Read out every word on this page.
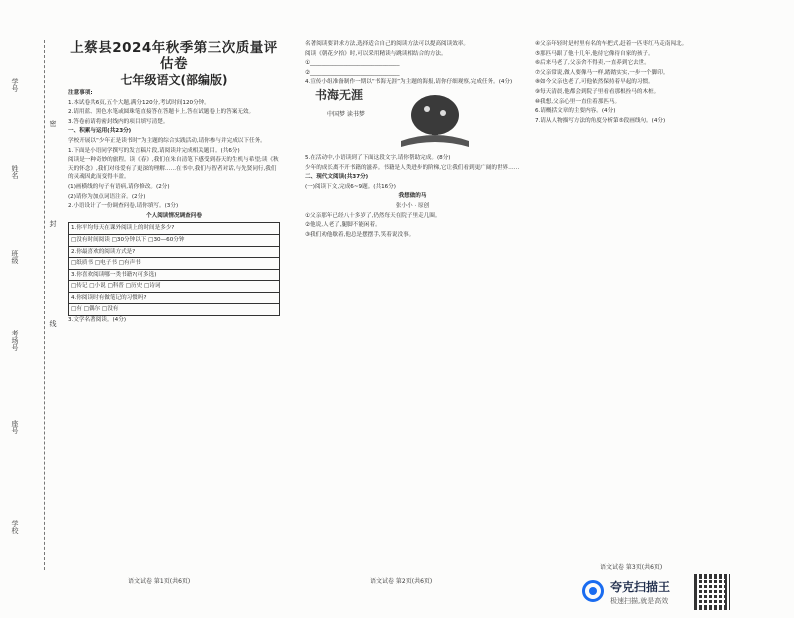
学号
姓名
班级
考场号
座号
学校
密
封
线

上蔡县2024年秋季第三次质量评估卷

七年级语文(部编版)

注意事项:

1.本试卷共6页,五个大题,满分120分,考试时间120分钟。

2.请用蓝、黑色水笔或圆珠笔直接答在答题卡上,答在试题卷上的答案无效。

3.答卷前请将密封线内的项目填写清楚。

一、积累与运用(共23分)

学校开展以“少年正是读书时”为主题的综合实践活动,请你参与并完成以下任务。

1.下面是小语同学撰写的发言稿片段,请阅读并完成相关题目。(共6分)

阅读是一种奇妙的旅程。读《春》,我们在朱自清笔下感受到春天的生机与希望;读《秋天的怀念》,我们对母爱有了更深的理解……在书中,我们与智者对话,与先贤同行,我们的灵魂因此而变得丰盈。

(1)画横线的句子有语病,请你修改。(2分)

(2)请你为加点词语注音。(2分)

2.小语设计了一份调查问卷,请你填写。(3分)

个人阅读情况调查问卷

1.你平均每天在课外阅读上的时间是多少?
□没有时间阅读 □30分钟以下 □30—60分钟
2.你最喜欢的阅读方式是?
□纸质书 □电子书 □有声书
3.你喜欢阅读哪一类书籍?(可多选)
□传记 □小说 □科普 □历史 □诗词
4.你阅读时有做笔记的习惯吗?
□有 □偶尔 □没有

3.文学名著阅读。(4分)

名著阅读要讲求方法,选择适合自己的阅读方法可以提高阅读效率。

阅读《朝花夕拾》时,可以采用精读与跳读相结合的方法。

①________________________________

②________________________________

4.宣传小组准备制作一期以“书海无涯”为主题的海报,请你仔细观察,完成任务。(4分)

书海无涯
中国梦 读书梦

5.在活动中,小语读到了下面这段文字,请你帮助完成。(8分)

少年的成长离不开书籍的滋养。书籍是人类进步的阶梯,它让我们看到更广阔的世界……

二、现代文阅读(共37分)

(一)阅读下文,完成6~9题。(共16分)

我想做的马

张小小 · 原创

①父亲那年已经八十多岁了,仍然每天在院子里走几圈。

②他说,人老了,腿脚不能闲着。

③我们劝他歇着,他总是摆摆手,笑着说没事。

④父亲年轻时是村里有名的车把式,赶着一匹枣红马走南闯北。

⑤那匹马跟了他十几年,他待它像待自家的孩子。

⑥后来马老了,父亲舍不得卖,一直养到它去世。

⑦父亲常说,做人要像马一样,踏踏实实,一步一个脚印。

⑧如今父亲也老了,可他依然保持着早起的习惯。

⑨每天清晨,他都会到院子里看看那根拴马的木桩。

⑩我想,父亲心里一直住着那匹马。

6.请概括文章的主要内容。(4分)

7.请从人物描写方法的角度分析第⑤段画线句。(4分)

语文试卷 第1页(共6页)	语文试卷 第2页(共6页)
语文试卷 第3页(共6页)
夸克扫描王
极速扫描,就是高效
